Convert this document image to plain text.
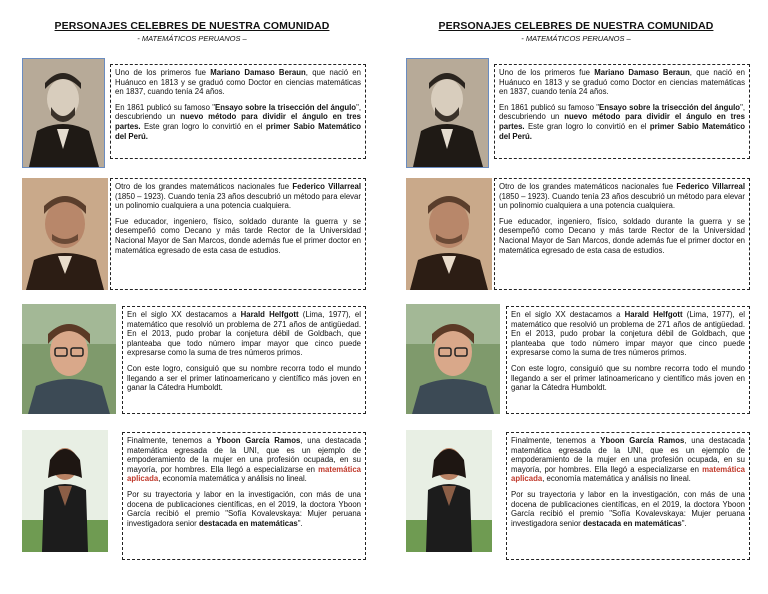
PERSONAJES CELEBRES DE NUESTRA COMUNIDAD
- MATEMÁTICOS PERUANOS –

Uno de los primeros fue Mariano Damaso Beraun, que nació en Huánuco en 1813 y se graduó como Doctor en ciencias matemáticas en 1837, cuando tenía 24 años.

En 1861 publicó su famoso "Ensayo sobre la trisección del ángulo", descubriendo un nuevo método para dividir el ángulo en tres partes. Este gran logro lo convirtió en el primer Sabio Matemático del Perú.

Otro de los grandes matemáticos nacionales fue Federico Villarreal (1850 – 1923). Cuando tenía 23 años descubrió un método para elevar un polinomio cualquiera a una potencia cualquiera.

Fue educador, ingeniero, físico, soldado durante la guerra y se desempeñó como Decano y más tarde Rector de la Universidad Nacional Mayor de San Marcos, donde además fue el primer doctor en matemática egresado de esta casa de estudios.

En el siglo XX destacamos a Harald Helfgott (Lima, 1977), el matemático que resolvió un problema de 271 años de antigüedad. En el 2013, pudo probar la conjetura débil de Goldbach, que planteaba que todo número impar mayor que cinco puede expresarse como la suma de tres números primos.

Con este logro, consiguió que su nombre recorra todo el mundo llegando a ser el primer latinoamericano y científico más joven en ganar la Cátedra Humboldt.

Finalmente, tenemos a Yboon García Ramos, una destacada matemática egresada de la UNI, que es un ejemplo de empoderamiento de la mujer en una profesión ocupada, en su mayoría, por hombres. Ella llegó a especializarse en matemática aplicada, economía matemática y análisis no lineal.

Por su trayectoria y labor en la investigación, con más de una docena de publicaciones científicas, en el 2019, la doctora Yboon García recibió el premio "Sofía Kovalevskaya: Mujer peruana investigadora senior destacada en matemáticas".

PERSONAJES CELEBRES DE NUESTRA COMUNIDAD
- MATEMÁTICOS PERUANOS –

Uno de los primeros fue Mariano Damaso Beraun, que nació en Huánuco en 1813 y se graduó como Doctor en ciencias matemáticas en 1837, cuando tenía 24 años.

En 1861 publicó su famoso "Ensayo sobre la trisección del ángulo", descubriendo un nuevo método para dividir el ángulo en tres partes. Este gran logro lo convirtió en el primer Sabio Matemático del Perú.

Otro de los grandes matemáticos nacionales fue Federico Villarreal (1850 – 1923). Cuando tenía 23 años descubrió un método para elevar un polinomio cualquiera a una potencia cualquiera.

Fue educador, ingeniero, físico, soldado durante la guerra y se desempeñó como Decano y más tarde Rector de la Universidad Nacional Mayor de San Marcos, donde además fue el primer doctor en matemática egresado de esta casa de estudios.

En el siglo XX destacamos a Harald Helfgott (Lima, 1977), el matemático que resolvió un problema de 271 años de antigüedad. En el 2013, pudo probar la conjetura débil de Goldbach, que planteaba que todo número impar mayor que cinco puede expresarse como la suma de tres números primos.

Con este logro, consiguió que su nombre recorra todo el mundo llegando a ser el primer latinoamericano y científico más joven en ganar la Cátedra Humboldt.

Finalmente, tenemos a Yboon García Ramos, una destacada matemática egresada de la UNI, que es un ejemplo de empoderamiento de la mujer en una profesión ocupada, en su mayoría, por hombres. Ella llegó a especializarse en matemática aplicada, economía matemática y análisis no lineal.

Por su trayectoria y labor en la investigación, con más de una docena de publicaciones científicas, en el 2019, la doctora Yboon García recibió el premio "Sofía Kovalevskaya: Mujer peruana investigadora senior destacada en matemáticas".
